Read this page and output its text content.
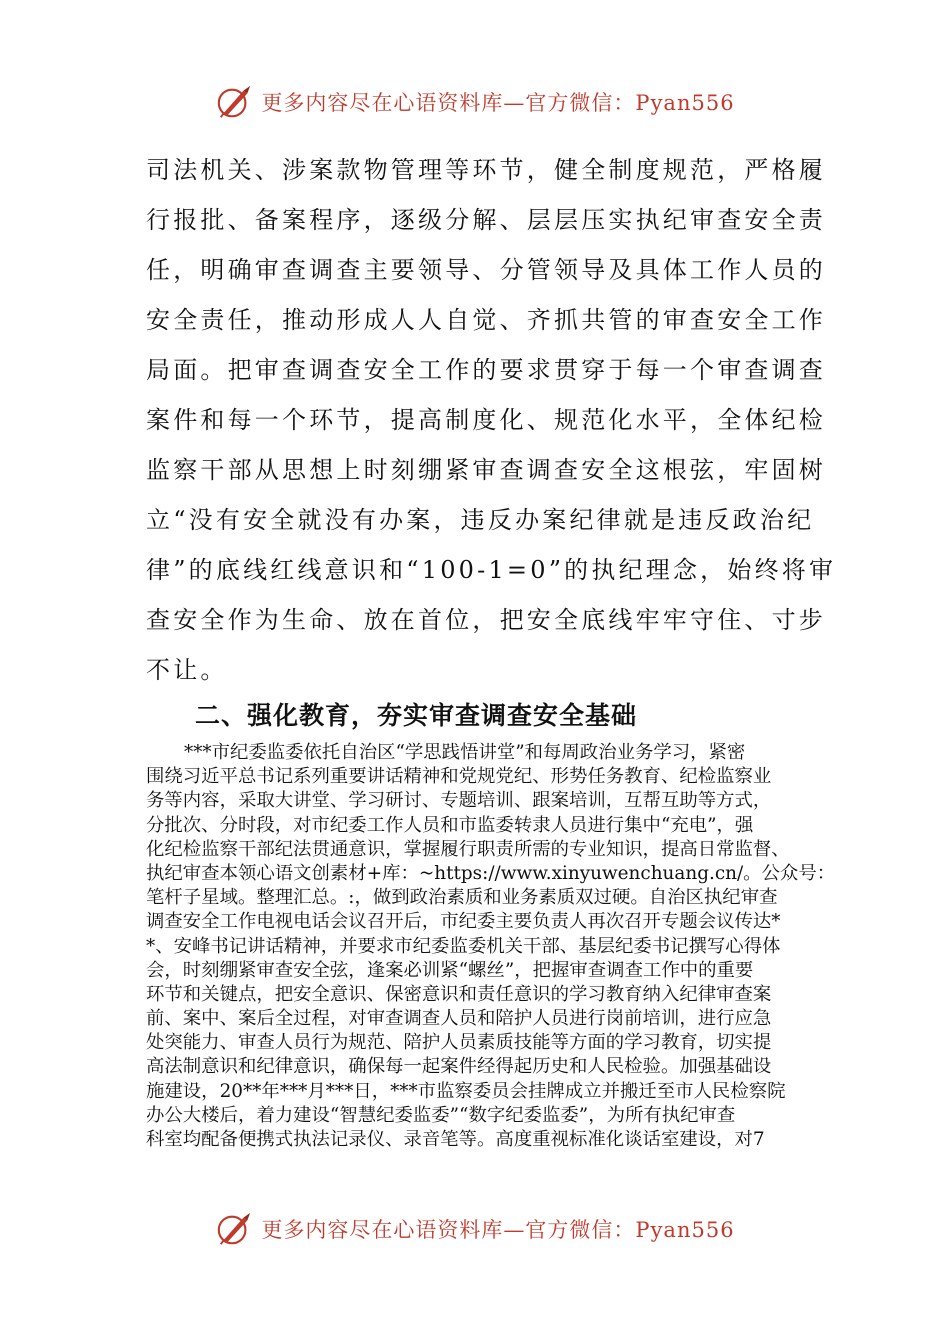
更多内容尽在心语资料库—官方微信：Pyan556
司法机关、涉案款物管理等环节，健全制度规范，严格履
行报批、备案程序，逐级分解、层层压实执纪审查安全责
任，明确审查调查主要领导、分管领导及具体工作人员的
安全责任，推动形成人人自觉、齐抓共管的审查安全工作
局面。把审查调查安全工作的要求贯穿于每一个审查调查
案件和每一个环节，提高制度化、规范化水平，全体纪检
监察干部从思想上时刻绷紧审查调查安全这根弦，牢固树
立“没有安全就没有办案，违反办案纪律就是违反政治纪
律”的底线红线意识和“100-1=0”的执纪理念，始终将审
查安全作为生命、放在首位，把安全底线牢牢守住、寸步
不让。
二、强化教育，夯实审查调查安全基础
***市纪委监委依托自治区“学思践悟讲堂”和每周政治业务学习，紧密
围绕习近平总书记系列重要讲话精神和党规党纪、形势任务教育、纪检监察业
务等内容，采取大讲堂、学习研讨、专题培训、跟案培训，互帮互助等方式，
分批次、分时段，对市纪委工作人员和市监委转隶人员进行集中“充电”，强
化纪检监察干部纪法贯通意识，掌握履行职责所需的专业知识，提高日常监督、
执纪审查本领心语文创素材+库：~https://www.xinyuwenchuang.cn/。公众号：
笔杆子星域。整理汇总。:，做到政治素质和业务素质双过硬。自治区执纪审查
调查安全工作电视电话会议召开后，市纪委主要负责人再次召开专题会议传达*
*、安峰书记讲话精神，并要求市纪委监委机关干部、基层纪委书记撰写心得体
会，时刻绷紧审查安全弦，逢案必训紧“螺丝”，把握审查调查工作中的重要
环节和关键点，把安全意识、保密意识和责任意识的学习教育纳入纪律审查案
前、案中、案后全过程，对审查调查人员和陪护人员进行岗前培训，进行应急
处突能力、审查人员行为规范、陪护人员素质技能等方面的学习教育，切实提
高法制意识和纪律意识，确保每一起案件经得起历史和人民检验。加强基础设
施建设，20**年***月***日，***市监察委员会挂牌成立并搬迁至市人民检察院
办公大楼后，着力建设“智慧纪委监委”“数字纪委监委”，为所有执纪审查
科室均配备便携式执法记录仪、录音笔等。高度重视标准化谈话室建设，对7
更多内容尽在心语资料库—官方微信：Pyan556
